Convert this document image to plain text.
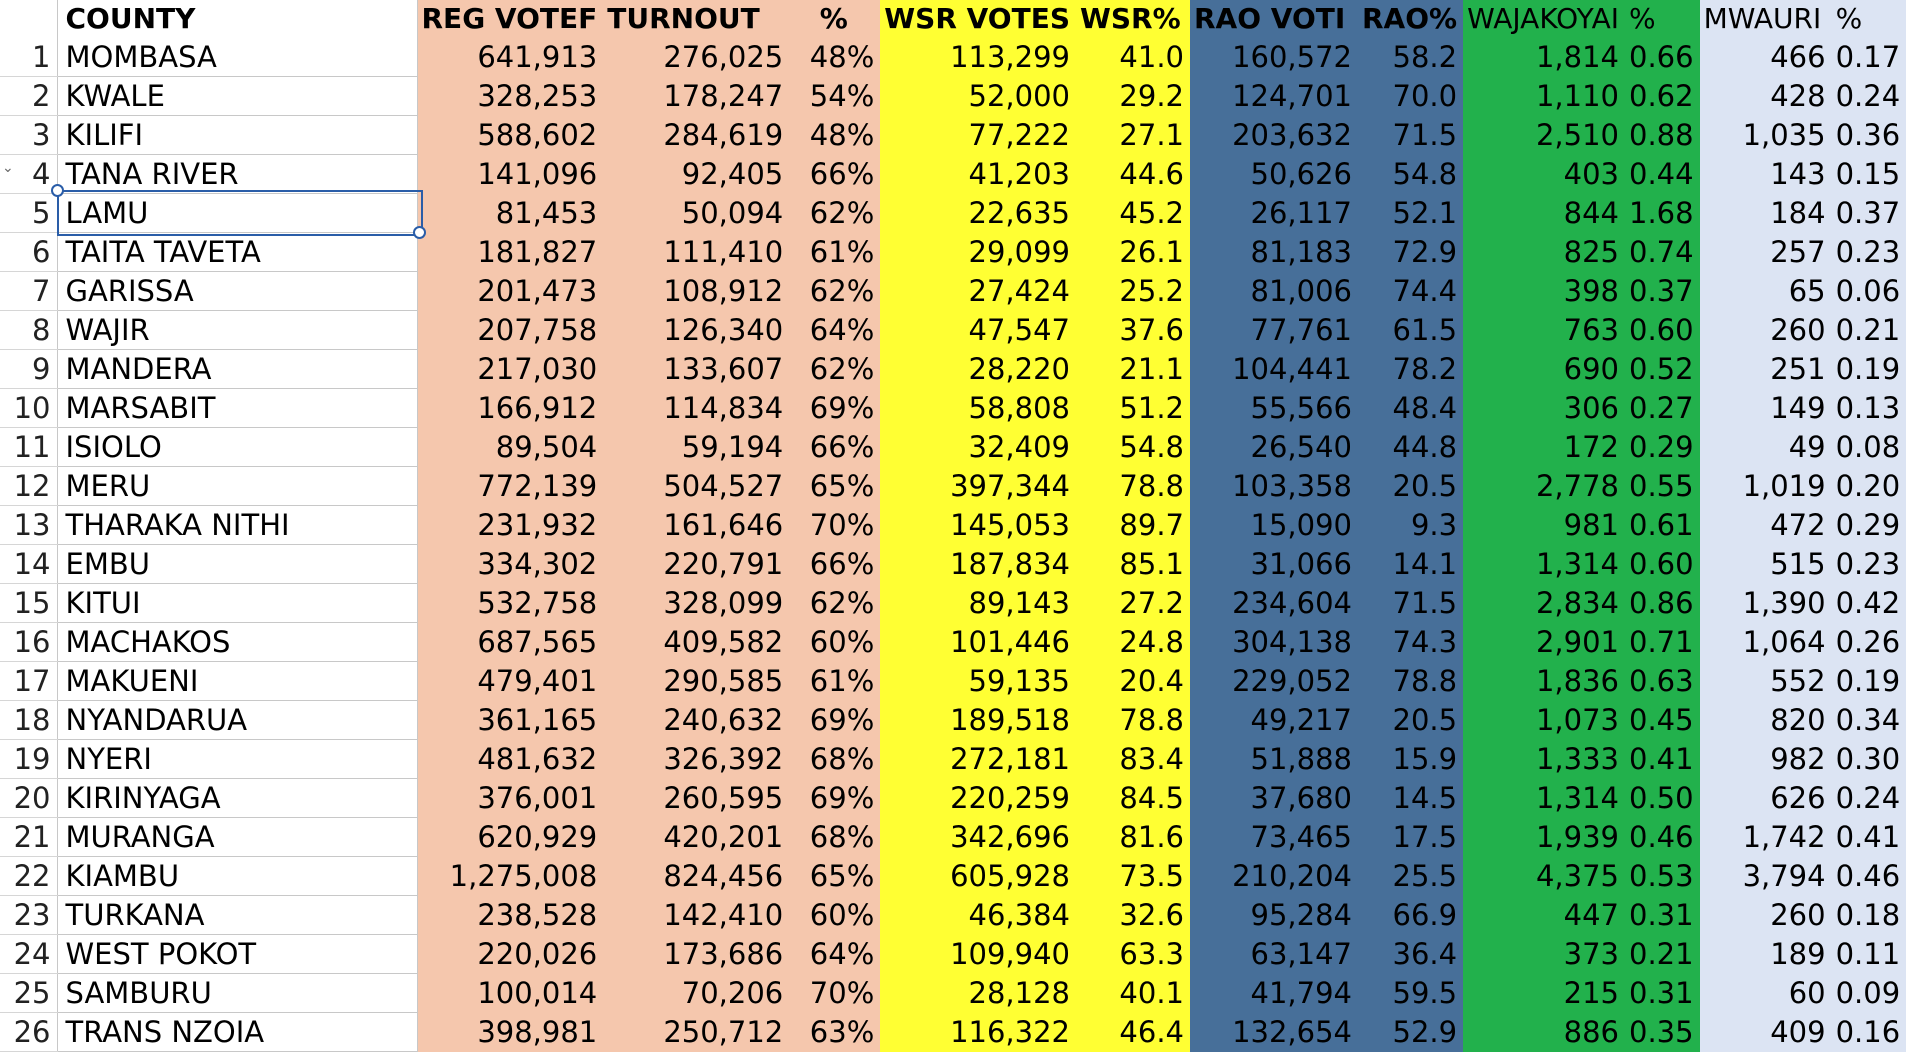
	COUNTY	REG VOTEF	TURNOUT	%	WSR VOTES	WSR%	RAO VOTI	RAO%	WAJAKOYAI	%	MWAURI	%
1	MOMBASA	641,913	276,025	48%	113,299	41.0	160,572	58.2	1,814	0.66	466	0.17
2	KWALE	328,253	178,247	54%	52,000	29.2	124,701	70.0	1,110	0.62	428	0.24
3	KILIFI	588,602	284,619	48%	77,222	27.1	203,632	71.5	2,510	0.88	1,035	0.36
4	TANA RIVER	141,096	92,405	66%	41,203	44.6	50,626	54.8	403	0.44	143	0.15
5	LAMU	81,453	50,094	62%	22,635	45.2	26,117	52.1	844	1.68	184	0.37
6	TAITA TAVETA	181,827	111,410	61%	29,099	26.1	81,183	72.9	825	0.74	257	0.23
7	GARISSA	201,473	108,912	62%	27,424	25.2	81,006	74.4	398	0.37	65	0.06
8	WAJIR	207,758	126,340	64%	47,547	37.6	77,761	61.5	763	0.60	260	0.21
9	MANDERA	217,030	133,607	62%	28,220	21.1	104,441	78.2	690	0.52	251	0.19
10	MARSABIT	166,912	114,834	69%	58,808	51.2	55,566	48.4	306	0.27	149	0.13
11	ISIOLO	89,504	59,194	66%	32,409	54.8	26,540	44.8	172	0.29	49	0.08
12	MERU	772,139	504,527	65%	397,344	78.8	103,358	20.5	2,778	0.55	1,019	0.20
13	THARAKA NITHI	231,932	161,646	70%	145,053	89.7	15,090	9.3	981	0.61	472	0.29
14	EMBU	334,302	220,791	66%	187,834	85.1	31,066	14.1	1,314	0.60	515	0.23
15	KITUI	532,758	328,099	62%	89,143	27.2	234,604	71.5	2,834	0.86	1,390	0.42
16	MACHAKOS	687,565	409,582	60%	101,446	24.8	304,138	74.3	2,901	0.71	1,064	0.26
17	MAKUENI	479,401	290,585	61%	59,135	20.4	229,052	78.8	1,836	0.63	552	0.19
18	NYANDARUA	361,165	240,632	69%	189,518	78.8	49,217	20.5	1,073	0.45	820	0.34
19	NYERI	481,632	326,392	68%	272,181	83.4	51,888	15.9	1,333	0.41	982	0.30
20	KIRINYAGA	376,001	260,595	69%	220,259	84.5	37,680	14.5	1,314	0.50	626	0.24
21	MURANGA	620,929	420,201	68%	342,696	81.6	73,465	17.5	1,939	0.46	1,742	0.41
22	KIAMBU	1,275,008	824,456	65%	605,928	73.5	210,204	25.5	4,375	0.53	3,794	0.46
23	TURKANA	238,528	142,410	60%	46,384	32.6	95,284	66.9	447	0.31	260	0.18
24	WEST POKOT	220,026	173,686	64%	109,940	63.3	63,147	36.4	373	0.21	189	0.11
25	SAMBURU	100,014	70,206	70%	28,128	40.1	41,794	59.5	215	0.31	60	0.09
26	TRANS NZOIA	398,981	250,712	63%	116,322	46.4	132,654	52.9	886	0.35	409	0.16
⌄
